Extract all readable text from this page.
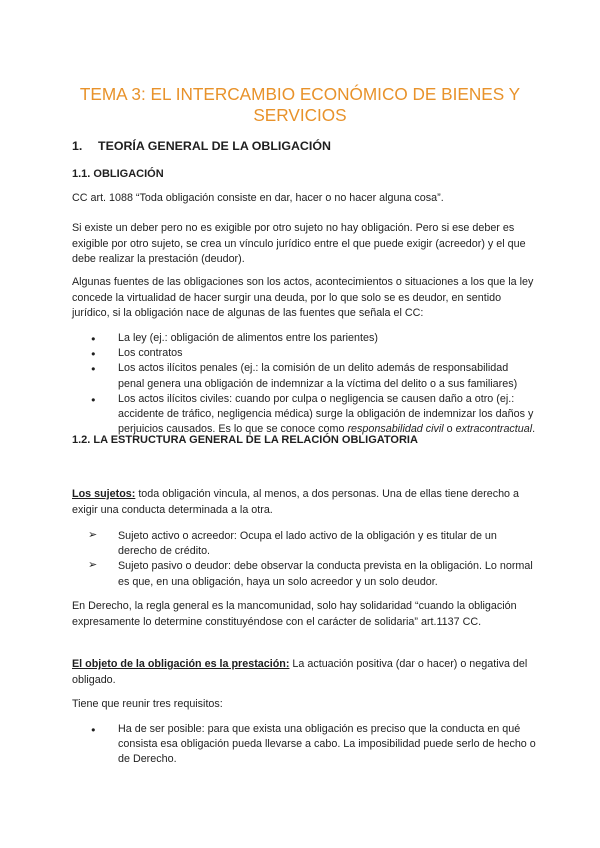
TEMA 3: EL INTERCAMBIO ECONÓMICO DE BIENES Y SERVICIOS
1. TEORÍA GENERAL DE LA OBLIGACIÓN
1.1. OBLIGACIÓN

CC art. 1088 “Toda obligación consiste en dar, hacer o no hacer alguna cosa”.

Si existe un deber pero no es exigible por otro sujeto no hay obligación. Pero si ese deber es exigible por otro sujeto, se crea un vínculo jurídico entre el que puede exigir (acreedor) y el que debe realizar la prestación (deudor).

Algunas fuentes de las obligaciones son los actos, acontecimientos o situaciones a los que la ley concede la virtualidad de hacer surgir una deuda, por lo que solo se es deudor, en sentido jurídico, si la obligación nace de algunas de las fuentes que señala el CC:

● La ley (ej.: obligación de alimentos entre los parientes)
● Los contratos
● Los actos ilícitos penales (ej.: la comisión de un delito además de responsabilidad penal genera una obligación de indemnizar a la víctima del delito o a sus familiares)
● Los actos ilícitos civiles: cuando por culpa o negligencia se causen daño a otro (ej.: accidente de tráfico, negligencia médica) surge la obligación de indemnizar los daños y perjuicios causados. Es lo que se conoce como responsabilidad civil o extracontractual.
1.2. LA ESTRUCTURA GENERAL DE LA RELACIÓN OBLIGATORIA

Los sujetos: toda obligación vincula, al menos, a dos personas. Una de ellas tiene derecho a exigir una conducta determinada a la otra.

➢ Sujeto activo o acreedor: Ocupa el lado activo de la obligación y es titular de un derecho de crédito.
➢ Sujeto pasivo o deudor: debe observar la conducta prevista en la obligación. Lo normal es que, en una obligación, haya un solo acreedor y un solo deudor.

En Derecho, la regla general es la mancomunidad, solo hay solidaridad “cuando la obligación expresamente lo determine constituyéndose con el carácter de solidaria” art.1137 CC.

El objeto de la obligación es la prestación: La actuación positiva (dar o hacer) o negativa del obligado.

Tiene que reunir tres requisitos:

● Ha de ser posible: para que exista una obligación es preciso que la conducta en qué consista esa obligación pueda llevarse a cabo. La imposibilidad puede serlo de hecho o de Derecho.
